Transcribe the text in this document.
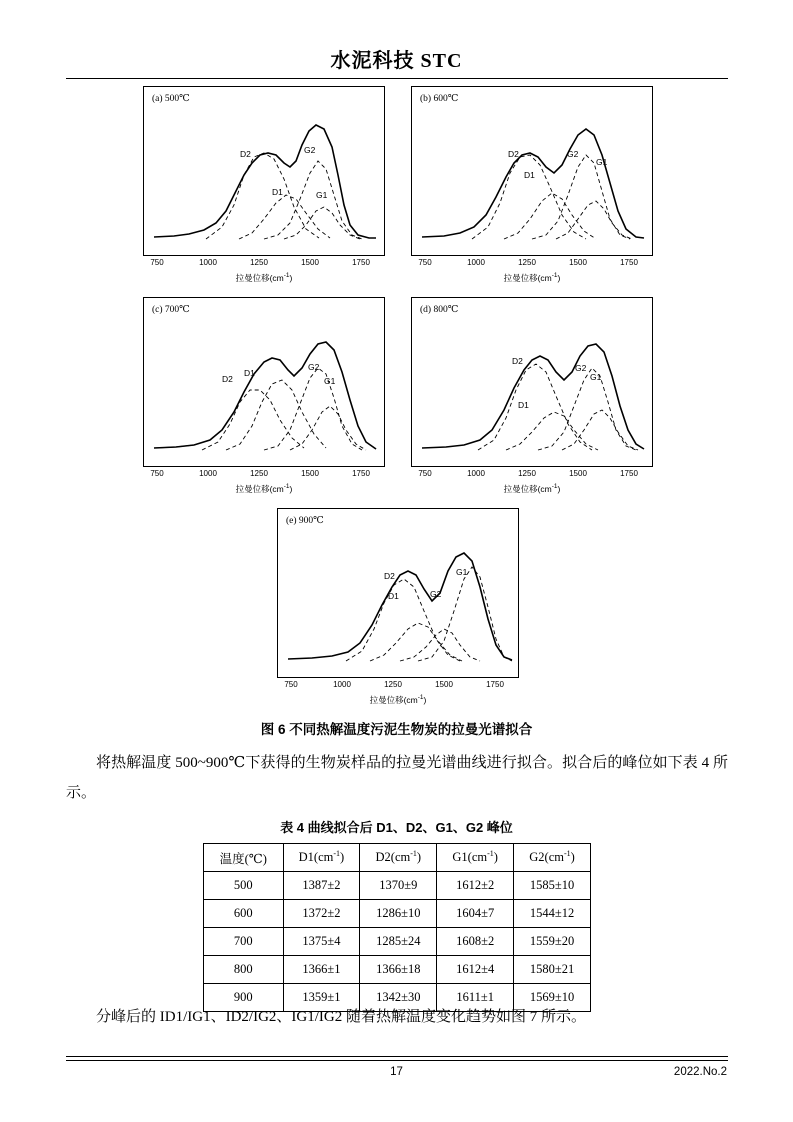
水泥科技 STC
(a) 500℃
D2	G2
D1	G1
750	1000	1250	1500	1750
拉曼位移$(cm^{-1})$
(b) 600℃
D2	G2
G1
D1
750	1000	1250	1500	1750
拉曼位移$(cm^{-1})$
(c) 700℃
D2
D1
G2
G1
750	1000	1250	1500	1750
拉曼位移$(cm^{-1})$
(d) 800℃
D2
G2
G1
D1
750	1000	1250	1500	1750
拉曼位移$(cm^{-1})$
(e) 900℃
D2	G1
D1	G2
750	1000	1250	1500	1750
拉曼位移$(cm^{-1})$
图 6 不同热解温度污泥生物炭的拉曼光谱拟合
将热解温度 500~900℃下获得的生物炭样品的拉曼光谱曲线进行拟合。拟合后的峰位如下表 4 所示。
表 4 曲线拟合后 D1、D2、G1、G2 峰位
温度(℃)	$D1(cm^{-1})$	$D2(cm^{-1})$	$G1(cm^{-1})$	$G2(cm^{-1})$
500	1387±2	1370±9	1612±2	1585±10
600	1372±2	1286±10	1604±7	1544±12
700	1375±4	1285±24	1608±2	1559±20
800	1366±1	1366±18	1612±4	1580±21
900	1359±1	1342±30	1611±1	1569±10
分峰后的 ID1/IG1、ID2/IG2、IG1/IG2 随着热解温度变化趋势如图 7 所示。
17	2022.No.2
